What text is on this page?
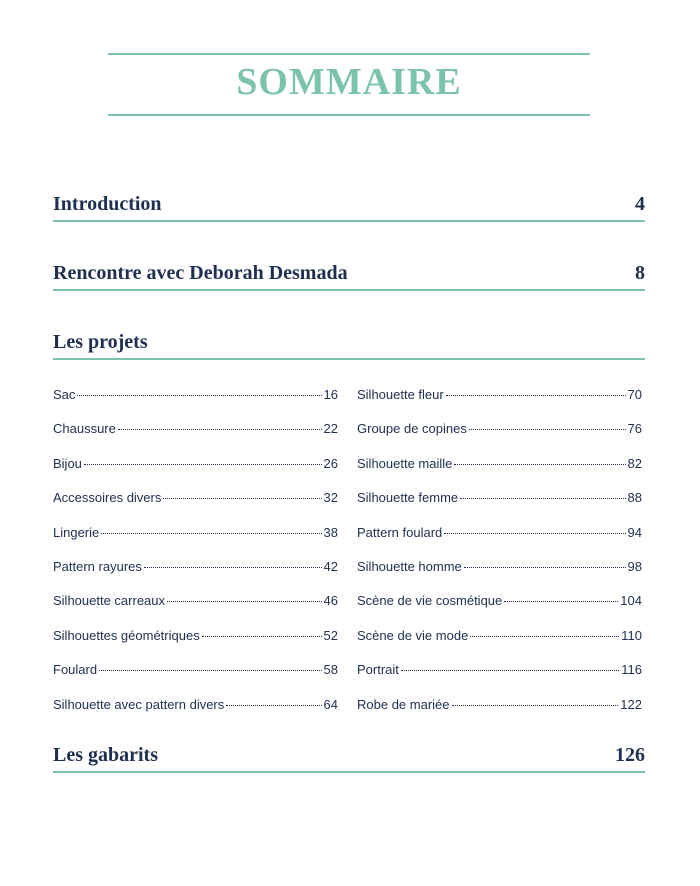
SOMMAIRE
Introduction	4
Rencontre avec Deborah Desmada	8
Les projets
Sac	16
Chaussure	22
Bijou	26
Accessoires divers	32
Lingerie	38
Pattern rayures	42
Silhouette carreaux	46
Silhouettes géométriques	52
Foulard	58
Silhouette avec pattern divers	64
Silhouette fleur	70
Groupe de copines	76
Silhouette maille	82
Silhouette femme	88
Pattern foulard	94
Silhouette homme	98
Scène de vie cosmétique	104
Scène de vie mode	110
Portrait	116
Robe de mariée	122
Les gabarits	126
